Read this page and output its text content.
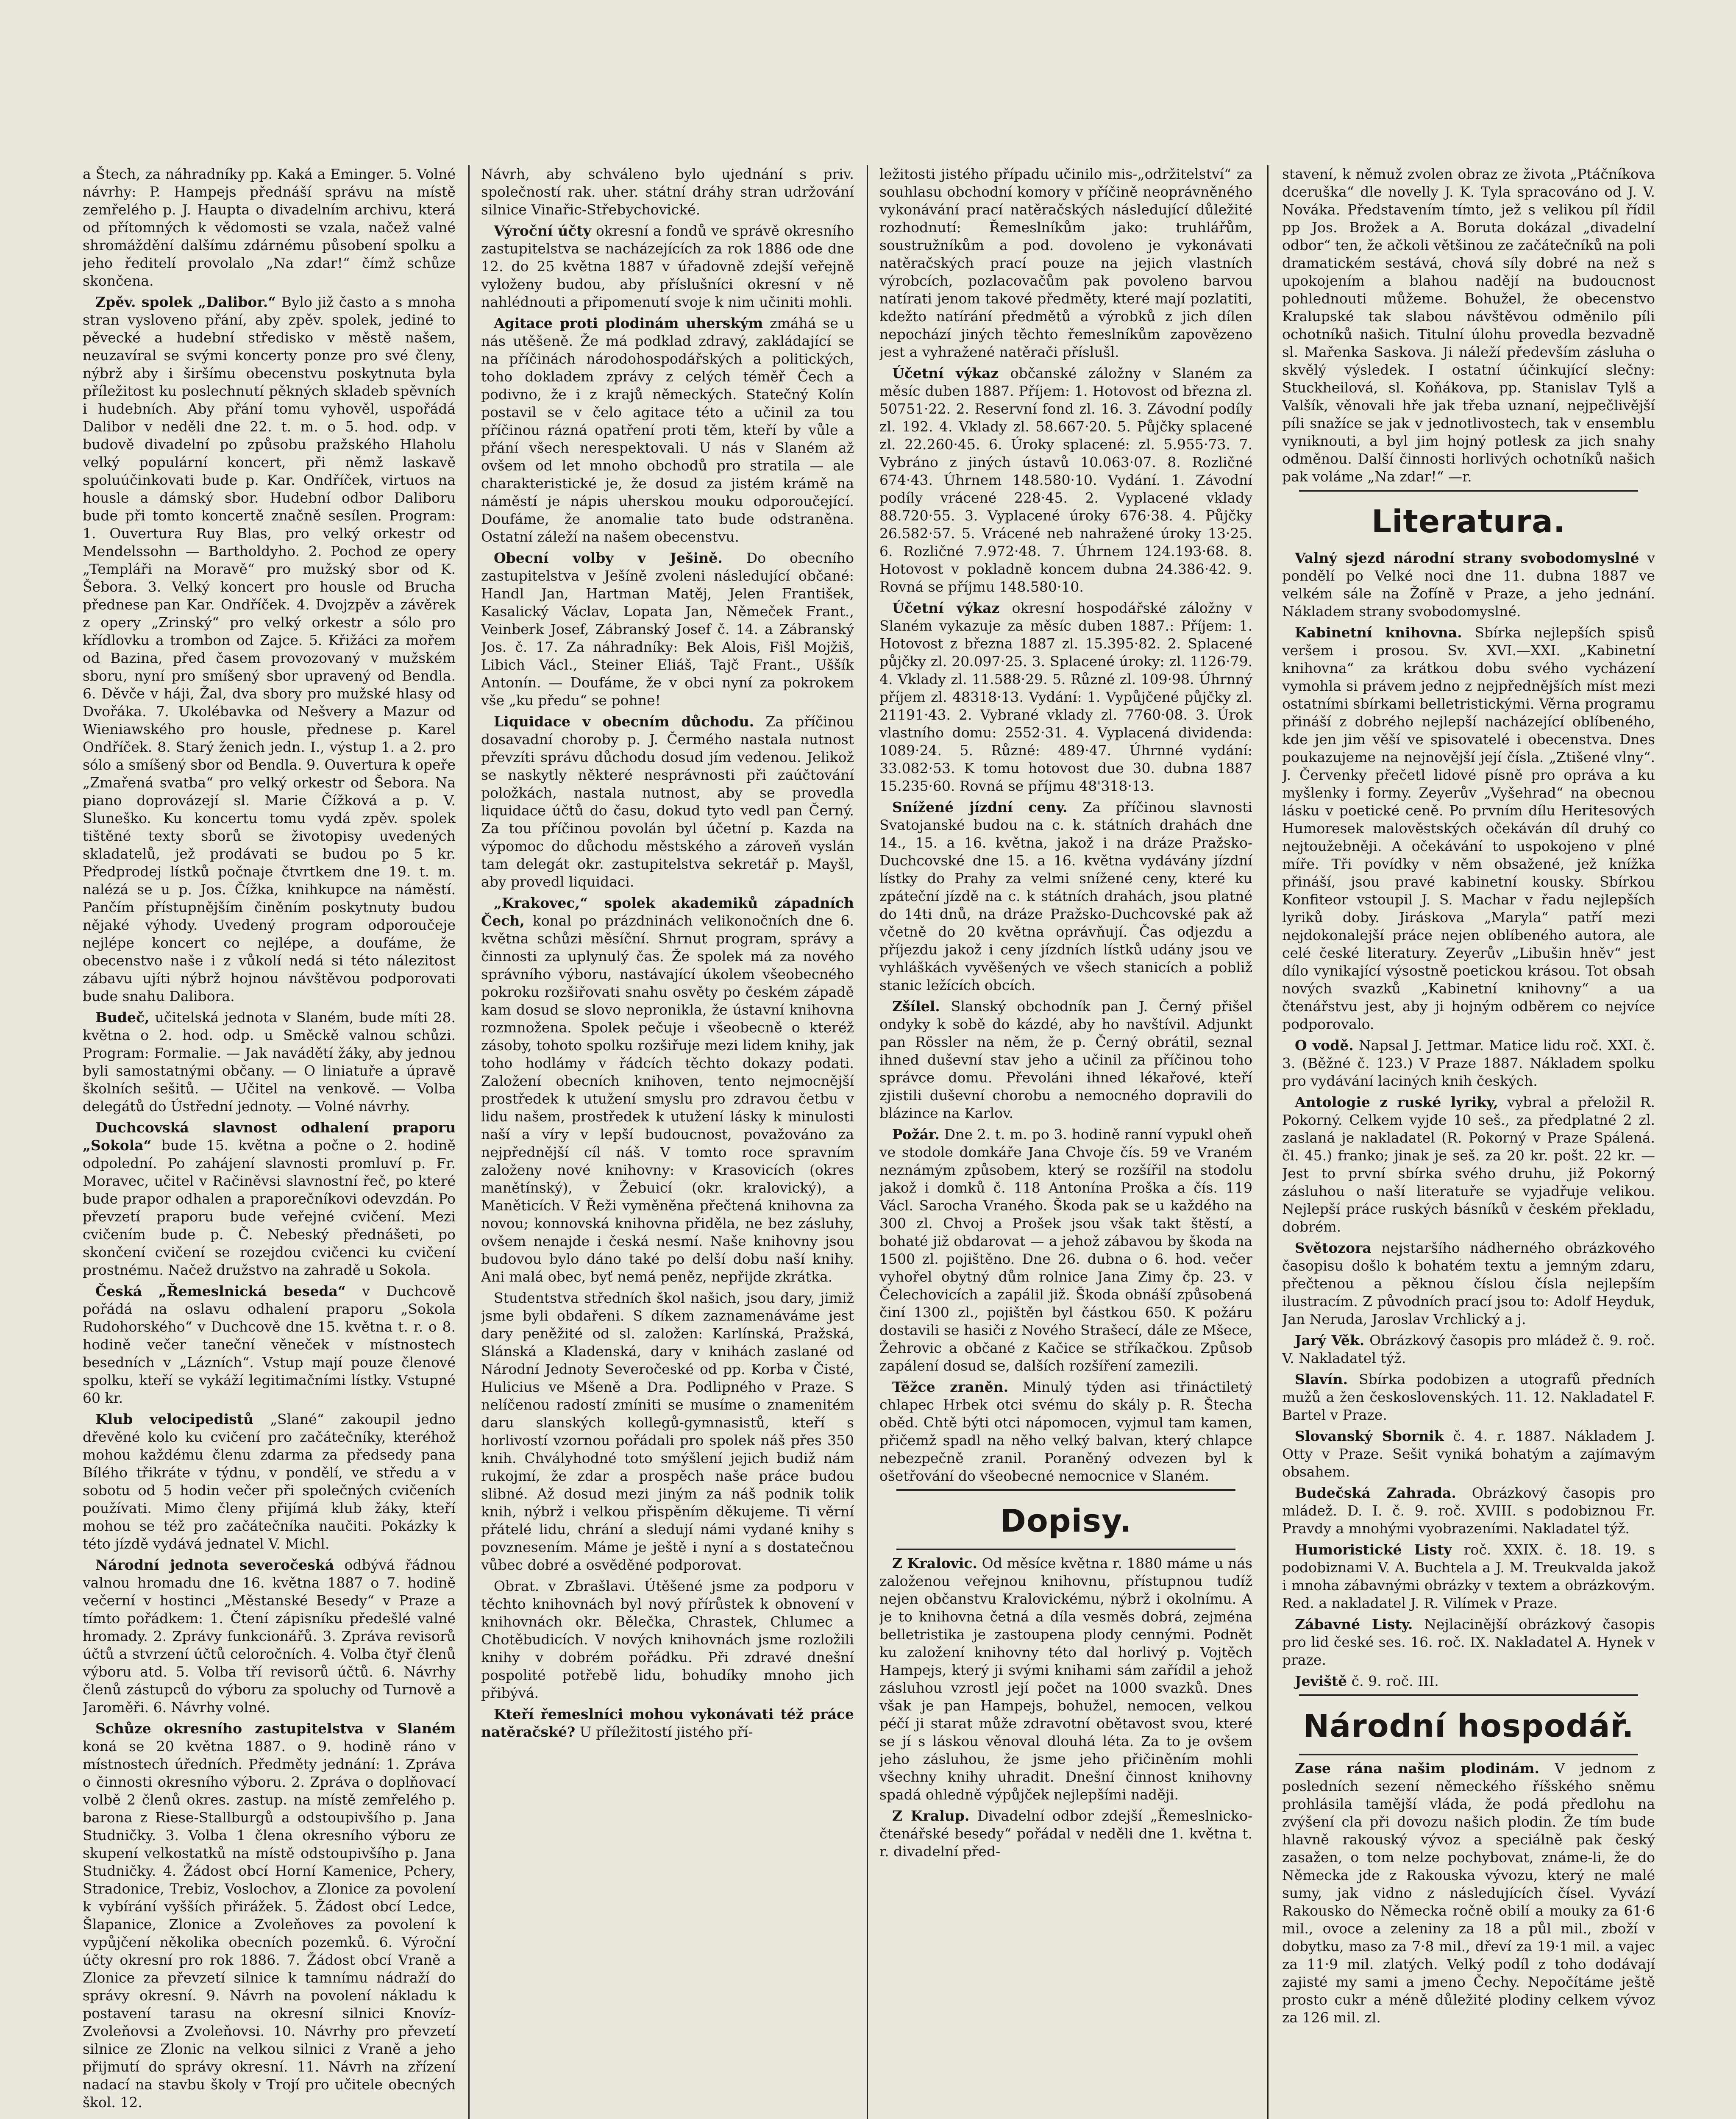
a Štech, za náhradníky pp. Kaká a Eminger. 5. Volné návrhy: P. Hampejs přednáší správu na místě zemřelého p. J. Haupta o divadelním archivu, která od přítomných k vědomosti se vzala, načež valné shromáždění dalšímu zdárnému působení spolku a jeho ředitelí provolalo „Na zdar!“ čímž schůze skončena.

Zpěv. spolek „Dalibor.“ Bylo již často a s mnoha stran vysloveno přání, aby zpěv. spolek, jediné to pěvecké a hudební středisko v městě našem, neuzavíral se svými koncerty ponze pro své členy, nýbrž aby i širšímu obecenstvu poskytnuta byla příležitost ku poslechnutí pěkných skladeb spěvních i hudebních. Aby přání tomu vyhověl, uspořádá Dalibor v neděli dne 22. t. m. o 5. hod. odp. v budově divadelní po způsobu pražského Hlaholu velký populární koncert, při němž laskavě spoluúčinkovati bude p. Kar. Ondříček, virtuos na housle a dámský sbor. Hudební odbor Daliboru bude při tomto koncertě značně sesílen. Program: 1. Ouvertura Ruy Blas, pro velký orkestr od Mendelssohn — Bartholdyho. 2. Pochod ze opery „Templáři na Moravě“ pro mužský sbor od K. Šebora. 3. Velký koncert pro housle od Brucha přednese pan Kar. Ondříček. 4. Dvojzpěv a závěrek z opery „Zrinský“ pro velký orkestr a sólo pro křídlovku a trombon od Zajce. 5. Křižáci za mořem od Bazina, před časem provozovaný v mužském sboru, nyní pro smíšený sbor upravený od Bendla. 6. Děvče v háji, Žal, dva sbory pro mužské hlasy od Dvořáka. 7. Ukolébavka od Nešvery a Mazur od Wieniawského pro housle, přednese p. Karel Ondříček. 8. Starý ženich jedn. I., výstup 1. a 2. pro sólo a smíšený sbor od Bendla. 9. Ouvertura k opeře „Zmařená svatba“ pro velký orkestr od Šebora. Na piano doprovázejí sl. Marie Čížková a p. V. Sluneško. Ku koncertu tomu vydá zpěv. spolek tištěné texty sborů se životopisy uvedených skladatelů, jež prodávati se budou po 5 kr. Předprodej lístků počnaje čtvrtkem dne 19. t. m. nalézá se u p. Jos. Čížka, knihkupce na náměstí. Pančím přístupnějším činěním poskytnuty budou nějaké výhody. Uvedený program odporoučeje nejlépe koncert co nejlépe, a doufáme, že obecenstvo naše i z vůkolí nedá si této nálezitost zábavu ujíti nýbrž hojnou návštěvou podporovati bude snahu Dalibora.

Budeč, učitelská jednota v Slaném, bude míti 28. května o 2. hod. odp. u Směckě valnou schůzi. Program: Formalie. — Jak navádětí žáky, aby jednou byli samostatnými občany. — O liniatuře a úpravě školních sešitů. — Učitel na venkově. — Volba delegátů do Ústřední jednoty. — Volné návrhy.

Duchcovská slavnost odhalení praporu „Sokola“ bude 15. května a počne o 2. hodině odpolední. Po zahájení slavnosti promluví p. Fr. Moravec, učitel v Račiněvsi slavnostní řeč, po které bude prapor odhalen a praporečníkovi odevzdán. Po převzetí praporu bude veřejné cvičení. Mezi cvičením bude p. Č. Nebeský přednášeti, po skončení cvičení se rozejdou cvičenci ku cvičení prostnému. Načež družstvo na zahradě u Sokola.

Česká „Řemeslnická beseda“ v Duchcově pořádá na oslavu odhalení praporu „Sokola Rudohorského“ v Duchcově dne 15. května t. r. o 8. hodině večer taneční věneček v místnostech besedních v „Lázních“. Vstup mají pouze členové spolku, kteří se vykáží legitimačními lístky. Vstupné 60 kr.

Klub velocipedistů „Slané“ zakoupil jedno dřevěné kolo ku cvičení pro začátečníky, kteréhož mohou každému členu zdarma za předsedy pana Bílého třikráte v týdnu, v pondělí, ve středu a v sobotu od 5 hodin večer při společných cvičeních používati. Mimo členy přijímá klub žáky, kteří mohou se též pro začátečníka naučiti. Pokázky k této jízdě vydává jednatel V. Michl.

Národní jednota severočeská odbývá řádnou valnou hromadu dne 16. května 1887 o 7. hodině večerní v hostinci „Městanské Besedy“ v Praze a tímto pořádkem: 1. Čtení zápisníku předešlé valné hromady. 2. Zprávy funkcionářů. 3. Zpráva revisorů účtů a stvrzení účtů celoročních. 4. Volba čtyř členů výboru atd. 5. Volba tří revisorů účtů. 6. Návrhy členů zástupců do výboru za spoluchy od Turnově a Jaroměři. 6. Návrhy volné.

Schůze okresního zastupitelstva v Slaném koná se 20 května 1887. o 9. hodině ráno v místnostech úředních. Předměty jednání: 1. Zpráva o činnosti okresního výboru. 2. Zpráva o doplňovací volbě 2 členů okres. zastup. na místě zemřelého p. barona z Riese-Stallburgů a odstoupivšího p. Jana Studničky. 3. Volba 1 člena okresního výboru ze skupení velkostatků na místě odstoupivšího p. Jana Studničky. 4. Žádost obcí Horní Kamenice, Pchery, Stradonice, Trebiz, Voslochov, a Zlonice za povolení k vybírání vyšších přirážek. 5. Žádost obcí Ledce, Šlapanice, Zlonice a Zvoleňoves za povolení k vypůjčení několika obecních pozemků. 6. Výroční účty okresní pro rok 1886. 7. Žádost obcí Vraně a Zlonice za převzetí silnice k tamnímu nádraží do správy okresní. 9. Návrh na povolení nákladu k postavení tarasu na okresní silnici Knovíz-Zvoleňovsi a Zvoleňovsi. 10. Návrhy pro převzetí silnice ze Zlonic na velkou silnici z Vraně a jeho přijmutí do správy okresní. 11. Návrh na zřízení nadací na stavbu školy v Trojí pro učitele obecných škol. 12.

Návrh, aby schváleno bylo ujednání s priv. společností rak. uher. státní dráhy stran udržování silnice Vinařic-Střebychovické.

Výroční účty okresní a fondů ve správě okresního zastupitelstva se nacházejících za rok 1886 ode dne 12. do 25 května 1887 v úřadovně zdejší veřejně vyloženy budou, aby příslušníci okresní v ně nahlédnouti a připomenutí svoje k nim učiniti mohli.

Agitace proti plodinám uherským zmáhá se u nás utěšeně. Že má podklad zdravý, zakládající se na příčinách národohospodářských a politických, toho dokladem zprávy z celých téměř Čech a podivno, že i z krajů německých. Statečný Kolín postavil se v čelo agitace této a učinil za tou příčinou rázná opatření proti těm, kteří by vůle a přání všech nerespektovali. U nás v Slaném až ovšem od let mnoho obchodů pro stratila — ale charakteristické je, že dosud za jistém krámě na náměstí je nápis uherskou mouku odporoučející. Doufáme, že anomalie tato bude odstraněna. Ostatní záleží na našem obecenstvu.

Obecní volby v Ješině. Do obecního zastupitelstva v Ješíně zvoleni následující občané: Handl Jan, Hartman Matěj, Jelen František, Kasalický Václav, Lopata Jan, Němeček Frant., Veinberk Josef, Zábranský Josef č. 14. a Zábranský Jos. č. 17. Za náhradníky: Bek Alois, Fišl Mojžiš, Libich Václ., Steiner Eliáš, Tajč Frant., Uššík Antonín. — Doufáme, že v obci nyní za pokrokem vše „ku předu“ se pohne!

Liquidace v obecním důchodu. Za příčinou dosavadní choroby p. J. Čermého nastala nutnost převzíti správu důchodu dosud jím vedenou. Jelikož se naskytly některé nesprávnosti při zaúčtování položkách, nastala nutnost, aby se provedla liquidace účtů do času, dokud tyto vedl pan Černý. Za tou příčinou povolán byl účetní p. Kazda na výpomoc do důchodu městského a zároveň vyslán tam delegát okr. zastupitelstva sekretář p. Mayšl, aby provedl liquidaci.

„Krakovec,“ spolek akademiků západních Čech, konal po prázdninách velikonočních dne 6. května schůzi měsíční. Shrnut program, správy a činnosti za uplynulý čas. Že spolek má za nového správního výboru, nastávající úkolem všeobecného pokroku rozšiřovati snahu osvěty po českém západě kam dosud se slovo nepronikla, že ústavní knihovna rozmnožena. Spolek pečuje i všeobecně o kteréž zásoby, tohoto spolku rozšiřuje mezi lidem knihy, jak toho hodlámy v řádcích těchto dokazy podati. Založení obecních knihoven, tento nejmocnější prostředek k utužení smyslu pro zdravou četbu v lidu našem, prostředek k utužení lásky k minulosti naší a víry v lepší budoucnost, považováno za nejpřednější cíl náš. V tomto roce spravním založeny nové knihovny: v Krasovicích (okres manětínský), v Žebuicí (okr. kralovický), a Maněticích. V Řeži vyměněna přečtená knihovna za novou; konnovská knihovna přiděla, ne bez zásluhy, ovšem nenajde i česká nesmí. Naše knihovny jsou budovou bylo dáno také po delší dobu naší knihy. Ani malá obec, byť nemá peněz, nepřijde zkrátka.

Studentstva středních škol našich, jsou dary, jimiž jsme byli obdařeni. S díkem zaznamenáváme jest dary peněžité od sl. založen: Karlínská, Pražská, Slánská a Kladenská, dary v knihách zaslané od Národní Jednoty Severočeské od pp. Korba v Čisté, Hulicius ve Mšeně a Dra. Podlipného v Praze. S nelíčenou radostí zmíniti se musíme o znamenitém daru slanských kollegů-gymnasistů, kteří s horlivostí vzornou pořádali pro spolek náš přes 350 knih. Chvályhodné toto smýšlení jejich budiž nám rukojmí, že zdar a prospěch naše práce budou slibné. Až dosud mezi jiným za náš podnik tolik knih, nýbrž i velkou přispěním děkujeme. Ti věrní přátelé lidu, chrání a sledují námi vydané knihy s povznesením. Máme je ještě i nyní a s dostatečnou vůbec dobré a osvěděné podporovat.

Obrat. v Zbrašlavi. Útěšené jsme za podporu v těchto knihovnách byl nový přírůstek k obnovení v knihovnách okr. Bělečka, Chrastek, Chlumec a Chotěbudicích. V nových knihovnách jsme rozložili knihy v dobrém pořádku. Při zdravé dnešní pospolité potřebě lidu, bohudíky mnoho jich přibývá.

Kteří řemeslníci mohou vykonávati též práce natěračské? U příležitostí jistého pří-

ležitosti jistého případu učinilo mis-„održitelství“ za souhlasu obchodní komory v příčině neoprávněného vykonávání prací natěračských následující důležité rozhodnutí: Řemeslníkům jako: truhlářům, soustružníkům a pod. dovoleno je vykonávati natěračských prací pouze na jejich vlastních výrobcích, pozlacovačům pak povoleno barvou natírati jenom takové předměty, které mají pozlatiti, kdežto natírání předmětů a výrobků z jich dílen nepochází jiných těchto řemeslníkům zapovězeno jest a vyhražené natěrači příslušl.

Účetní výkaz občanské záložny v Slaném za měsíc duben 1887. Příjem: 1. Hotovost od března zl. 50751·22. 2. Reservní fond zl. 16. 3. Závodní podíly zl. 192. 4. Vklady zl. 58.667·20. 5. Půjčky splacené zl. 22.260·45. 6. Úroky splacené: zl. 5.955·73. 7. Vybráno z jiných ústavů 10.063·07. 8. Rozličné 674·43. Úhrnem 148.580·10. Vydání. 1. Závodní podíly vrácené 228·45. 2. Vyplacené vklady 88.720·55. 3. Vyplacené úroky 676·38. 4. Půjčky 26.582·57. 5. Vrácené neb nahražené úroky 13·25. 6. Rozličné 7.972·48. 7. Úhrnem 124.193·68. 8. Hotovost v pokladně koncem dubna 24.386·42. 9. Rovná se příjmu 148.580·10.

Účetní výkaz okresní hospodářské záložny v Slaném vykazuje za měsíc duben 1887.: Příjem: 1. Hotovost z března 1887 zl. 15.395·82. 2. Splacené půjčky zl. 20.097·25. 3. Splacené úroky: zl. 1126·79. 4. Vklady zl. 11.588·29. 5. Různé zl. 109·98. Úhrnný příjem zl. 48318·13. Vydání: 1. Vypůjčené půjčky zl. 21191·43. 2. Vybrané vklady zl. 7760·08. 3. Úrok vlastního domu: 2552·31. 4. Vyplacená dividenda: 1089·24. 5. Různé: 489·47. Úhrnné vydání: 33.082·53. K tomu hotovost due 30. dubna 1887 15.235·60. Rovná se příjmu 48'318·13.

Snížené jízdní ceny. Za příčinou slavnosti Svatojanské budou na c. k. státních drahách dne 14., 15. a 16. května, jakož i na dráze Pražsko-Duchcovské dne 15. a 16. května vydávány jízdní lístky do Prahy za velmi snížené ceny, které ku zpáteční jízdě na c. k státních drahách, jsou platné do 14ti dnů, na dráze Pražsko-Duchcovské pak až včetně do 20 května oprávňují. Čas odjezdu a příjezdu jakož i ceny jízdních lístků udány jsou ve vyhláškách vyvěšených ve všech stanicích a pobliž stanic ležících obcích.

Zšílel. Slanský obchodník pan J. Černý přišel ondyky k sobě do kázdé, aby ho navštívil. Adjunkt pan Rössler na něm, že p. Černý obrátil, seznal ihned duševní stav jeho a učinil za příčinou toho správce domu. Převoláni ihned lékařové, kteří zjistili duševní chorobu a nemocného dopravili do blázince na Karlov.

Požár. Dne 2. t. m. po 3. hodině ranní vypukl oheň ve stodole domkáře Jana Chvoje čís. 59 ve Vraném neznámým způsobem, který se rozšířil na stodolu jakož i domků č. 118 Antonína Proška a čís. 119 Václ. Sarocha Vraného. Škoda pak se u každého na 300 zl. Chvoj a Prošek jsou však takt štěstí, a bohaté již obdarovat — a jehož zábavou by škoda na 1500 zl. pojištěno. Dne 26. dubna o 6. hod. večer vyhořel obytný dům rolnice Jana Zimy čp. 23. v Čelechovicích a zapálil již. Škoda obnáší způsobená činí 1300 zl., pojištěn byl částkou 650. K požáru dostavili se hasiči z Nového Strašecí, dále ze Mšece, Žehrovic a občané z Kačice se stříkačkou. Způsob zapálení dosud se, dalších rozšíření zamezili.

Těžce zraněn. Minulý týden asi třináctiletý chlapec Hrbek otci svému do skály p. R. Štecha oběd. Chtě býti otci nápomocen, vyjmul tam kamen, přičemž spadl na něho velký balvan, který chlapce nebezpečně zranil. Poraněný odvezen byl k ošetřování do všeobecné nemocnice v Slaném.

Dopisy.

Z Kralovic. Od měsíce května r. 1880 máme u nás založenou veřejnou knihovnu, přístupnou tudíž nejen občanstvu Kralovickému, nýbrž i okolnímu. A je to knihovna četná a díla vesměs dobrá, zejména belletristika je zastoupena plody cennými. Podnět ku založení knihovny této dal horlivý p. Vojtěch Hampejs, který ji svými knihami sám zařídil a jehož zásluhou vzrostl její počet na 1000 svazků. Dnes však je pan Hampejs, bohužel, nemocen, velkou péčí ji starat může zdravotní obětavost svou, které se jí s láskou věnoval dlouhá léta. Za to je ovšem jeho zásluhou, že jsme jeho přičiněním mohli všechny knihy uhradit. Dnešní činnost knihovny spadá ohledně výpůjček nejlepšími naději.

Z Kralup. Divadelní odbor zdejší „Řemeslnicko-čtenářské besedy“ pořádal v neděli dne 1. května t. r. divadelní před-

stavení, k němuž zvolen obraz ze života „Ptáčníkova dceruška“ dle novelly J. K. Tyla spracováno od J. V. Nováka. Představením tímto, jež s velikou píl řídil pp Jos. Brožek a A. Boruta dokázal „divadelní odbor“ ten, že ačkoli většinou ze začátečníků na poli dramatickém sestává, chová síly dobré na než s upokojením a blahou nadějí na budoucnost pohlednouti můžeme. Bohužel, že obecenstvo Kralupské tak slabou návštěvou odměnilo píli ochotníků našich. Titulní úlohu provedla bezvadně sl. Mařenka Saskova. Ji náleží především zásluha o skvělý výsledek. I ostatní účinkující slečny: Stuckheilová, sl. Koňákova, pp. Stanislav Tylš a Valšík, věnovali hře jak třeba uznaní, nejpečlivější píli snažíce se jak v jednotlivostech, tak v ensemblu vyniknouti, a byl jim hojný potlesk za jich snahy odměnou. Další činnosti horlivých ochotníků našich pak voláme „Na zdar!“ —r.

Literatura.

Valný sjezd národní strany svobodomyslné v pondělí po Velké noci dne 11. dubna 1887 ve velkém sále na Žofíně v Praze, a jeho jednání. Nákladem strany svobodomyslné.

Kabinetní knihovna. Sbírka nejlepších spisů veršem i prosou. Sv. XVI.—XXI. „Kabinetní knihovna“ za krátkou dobu svého vycházení vymohla si právem jedno z nejpřednějších míst mezi ostatními sbírkami belletristickými. Věrna programu přináší z dobrého nejlepší nacházející oblíbeného, kde jen jim věší ve spisovatelé i obecenstva. Dnes poukazujeme na nejnovější její čísla. „Ztišené vlny“. J. Červenky přečetl lidové písně pro opráva a ku myšlenky i formy. Zeyerův „Vyšehrad“ na obecnou lásku v poetické ceně. Po prvním dílu Heritesových Humoresek malověstských očekáván díl druhý co nejtoužebněji. A očekávání to uspokojeno v plné míře. Tři povídky v něm obsažené, jež knížka přináší, jsou pravé kabinetní kousky. Sbírkou Konfiteor vstoupil J. S. Machar v řadu nejlepších lyriků doby. Jiráskova „Maryla“ patří mezi nejdokonalejší práce nejen oblíbeného autora, ale celé české literatury. Zeyerův „Libušin hněv“ jest dílo vynikající výsostně poetickou krásou. Tot obsah nových svazků „Kabinetní knihovny“ a ua čtenářstvu jest, aby ji hojným odběrem co nejvíce podporovalo.

O vodě. Napsal J. Jettmar. Matice lidu roč. XXI. č. 3. (Běžné č. 123.) V Praze 1887. Nákladem spolku pro vydávání laciných knih českých.

Antologie z ruské lyriky, vybral a přeložil R. Pokorný. Celkem vyjde 10 seš., za předplatné 2 zl. zaslaná je nakladatel (R. Pokorný v Praze Spálená. čl. 45.) franko; jinak je seš. za 20 kr. pošt. 22 kr. — Jest to první sbírka svého druhu, již Pokorný zásluhou o naší literatuře se vyjadřuje velikou. Nejlepší práce ruských básníků v českém překladu, dobrém.

Světozora nejstaršího nádherného obrázkového časopisu došlo k bohatém textu a jemným zdaru, přečtenou a pěknou číslou čísla nejlepším ilustracím. Z původních prací jsou to: Adolf Heyduk, Jan Neruda, Jaroslav Vrchlický a j.

Jarý Věk. Obrázkový časopis pro mládež č. 9. roč. V. Nakladatel týž.

Slavín. Sbírka podobizen a utografů předních mužů a žen československých. 11. 12. Nakladatel F. Bartel v Praze.

Slovanský Sbornik č. 4. r. 1887. Nákladem J. Otty v Praze. Sešit vyniká bohatým a zajímavým obsahem.

Budečská Zahrada. Obrázkový časopis pro mládež. D. I. č. 9. roč. XVIII. s podobiznou Fr. Pravdy a mnohými vyobrazeními. Nakladatel týž.

Humoristické Listy roč. XXIX. č. 18. 19. s podobiznami V. A. Buchtela a J. M. Treukvalda jakož i mnoha zábavnými obrázky v textem a obrázkovým. Red. a nakladatel J. R. Vilímek v Praze.

Zábavné Listy. Nejlacinější obrázkový časopis pro lid české ses. 16. roč. IX. Nakladatel A. Hynek v praze.

Jeviště č. 9. roč. III.

Národní hospodář.

Zase rána našim plodinám. V jednom z posledních sezení německého říšského sněmu prohlásila tamější vláda, že podá předlohu na zvýšení cla při dovozu našich plodin. Že tím bude hlavně rakouský vývoz a speciálně pak český zasažen, o tom nelze pochybovat, známe-li, že do Německa jde z Rakouska vývozu, který ne malé sumy, jak vidno z následujících čísel. Vyvází Rakousko do Německa ročně obilí a mouky za 61·6 mil., ovoce a zeleniny za 18 a půl mil., zboží v dobytku, maso za 7·8 mil., dřeví za 19·1 mil. a vajec za 11·9 mil. zlatých. Velký podíl z toho dodávají zajisté my sami a jmeno Čechy. Nepočítáme ještě prosto cukr a méně důležité plodiny celkem vývoz za 126 mil. zl.
